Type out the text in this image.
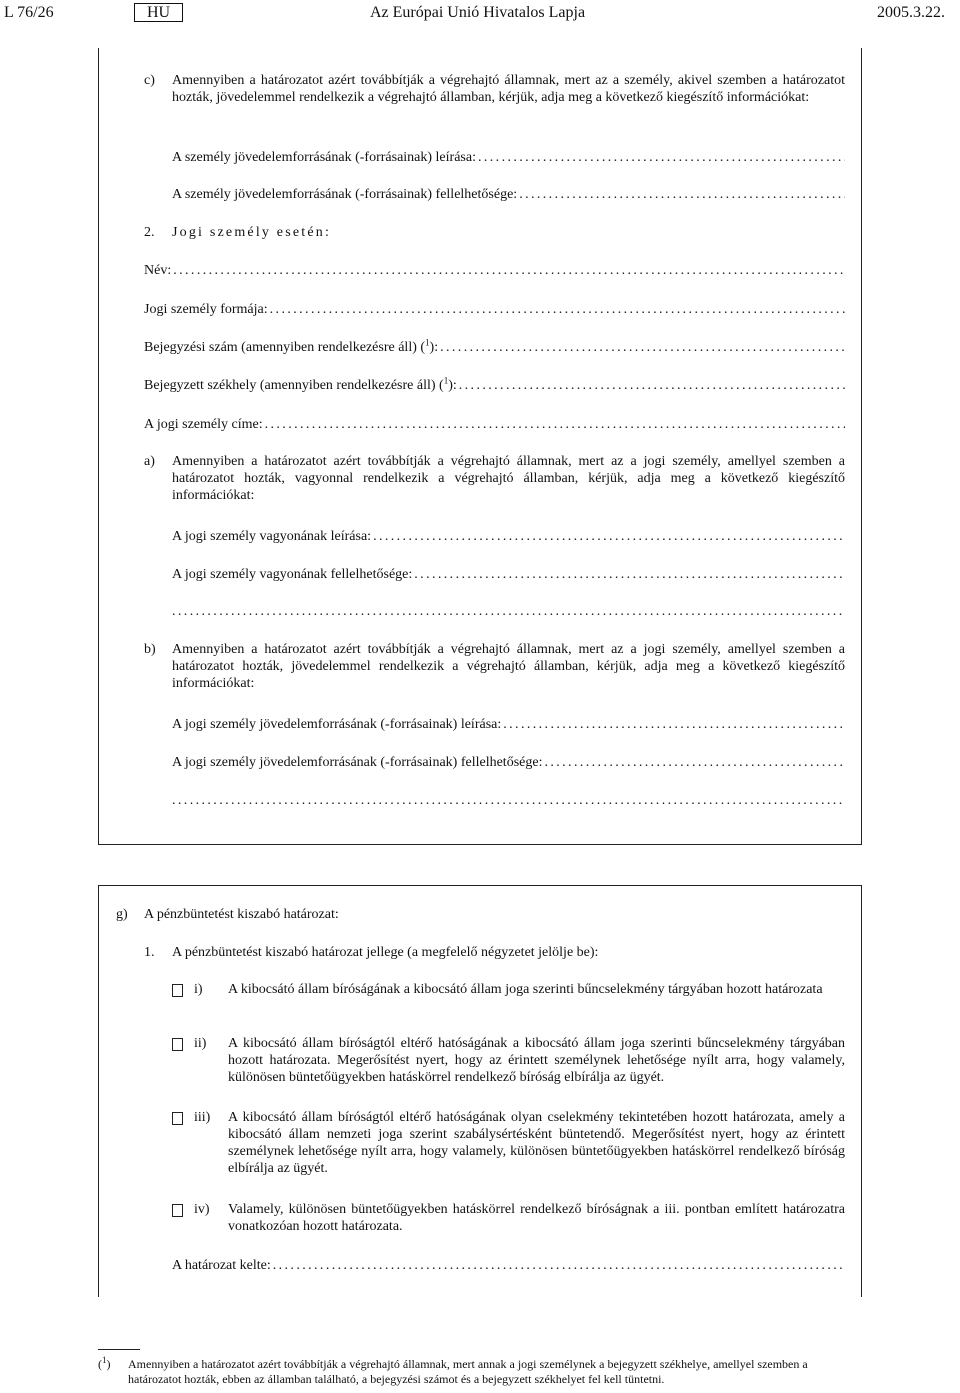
L 76/26	HU	Az Európai Unió Hivatalos Lapja	2005.3.22.
c) Amennyiben a határozatot azért továbbítják a végrehajtó államnak, mert az a személy, akivel szemben a határozatot hozták, jövedelemmel rendelkezik a végrehajtó államban, kérjük, adja meg a következő kiegészítő információkat:
A személy jövedelemforrásának (-forrásainak) leírása:
.....
A személy jövedelemforrásának (-forrásainak) fellelhetősége:
.....
2. Jogi személy esetén:
Név:
.....
Jogi személy formája:
.....
Bejegyzési szám (amennyiben rendelkezésre áll) ($^1$):
.....
Bejegyzett székhely (amennyiben rendelkezésre áll) ($^1$):
.....
A jogi személy címe:
.....
a) Amennyiben a határozatot azért továbbítják a végrehajtó államnak, mert az a jogi személy, amellyel szemben a határozatot hozták, vagyonnal rendelkezik a végrehajtó államban, kérjük, adja meg a következő kiegészítő információkat:
A jogi személy vagyonának leírása:
.....
A jogi személy vagyonának fellelhetősége:
.....
.....
b) Amennyiben a határozatot azért továbbítják a végrehajtó államnak, mert az a jogi személy, amellyel szemben a határozatot hozták, jövedelemmel rendelkezik a végrehajtó államban, kérjük, adja meg a következő kiegészítő információkat:
A jogi személy jövedelemforrásának (-forrásainak) leírása:
.....
A jogi személy jövedelemforrásának (-forrásainak) fellelhetősége:
.....
.....
g) A pénzbüntetést kiszabó határozat:
1. A pénzbüntetést kiszabó határozat jellege (a megfelelő négyzetet jelölje be):
i) A kibocsátó állam bíróságának a kibocsátó állam joga szerinti bűncselekmény tárgyában hozott határozata
ii) A kibocsátó állam bíróságtól eltérő hatóságának a kibocsátó állam joga szerinti bűncselekmény tárgyában hozott határozata. Megerősítést nyert, hogy az érintett személynek lehetősége nyílt arra, hogy valamely, különösen büntetőügyekben hatáskörrel rendelkező bíróság elbírálja az ügyét.
iii) A kibocsátó állam bíróságtól eltérő hatóságának olyan cselekmény tekintetében hozott határozata, amely a kibocsátó állam nemzeti joga szerint szabálysértésként büntetendő. Megerősítést nyert, hogy az érintett személynek lehetősége nyílt arra, hogy valamely, különösen büntetőügyekben hatáskörrel rendelkező bíróság elbírálja az ügyét.
iv) Valamely, különösen büntetőügyekben hatáskörrel rendelkező bíróságnak a iii. pontban említett határozatra vonatkozóan hozott határozata.
A határozat kelte:
.....
($^1$) Amennyiben a határozatot azért továbbítják a végrehajtó államnak, mert annak a jogi személynek a bejegyzett székhelye, amellyel szemben a határozatot hozták, ebben az államban található, a bejegyzési számot és a bejegyzett székhelyet fel kell tüntetni.
